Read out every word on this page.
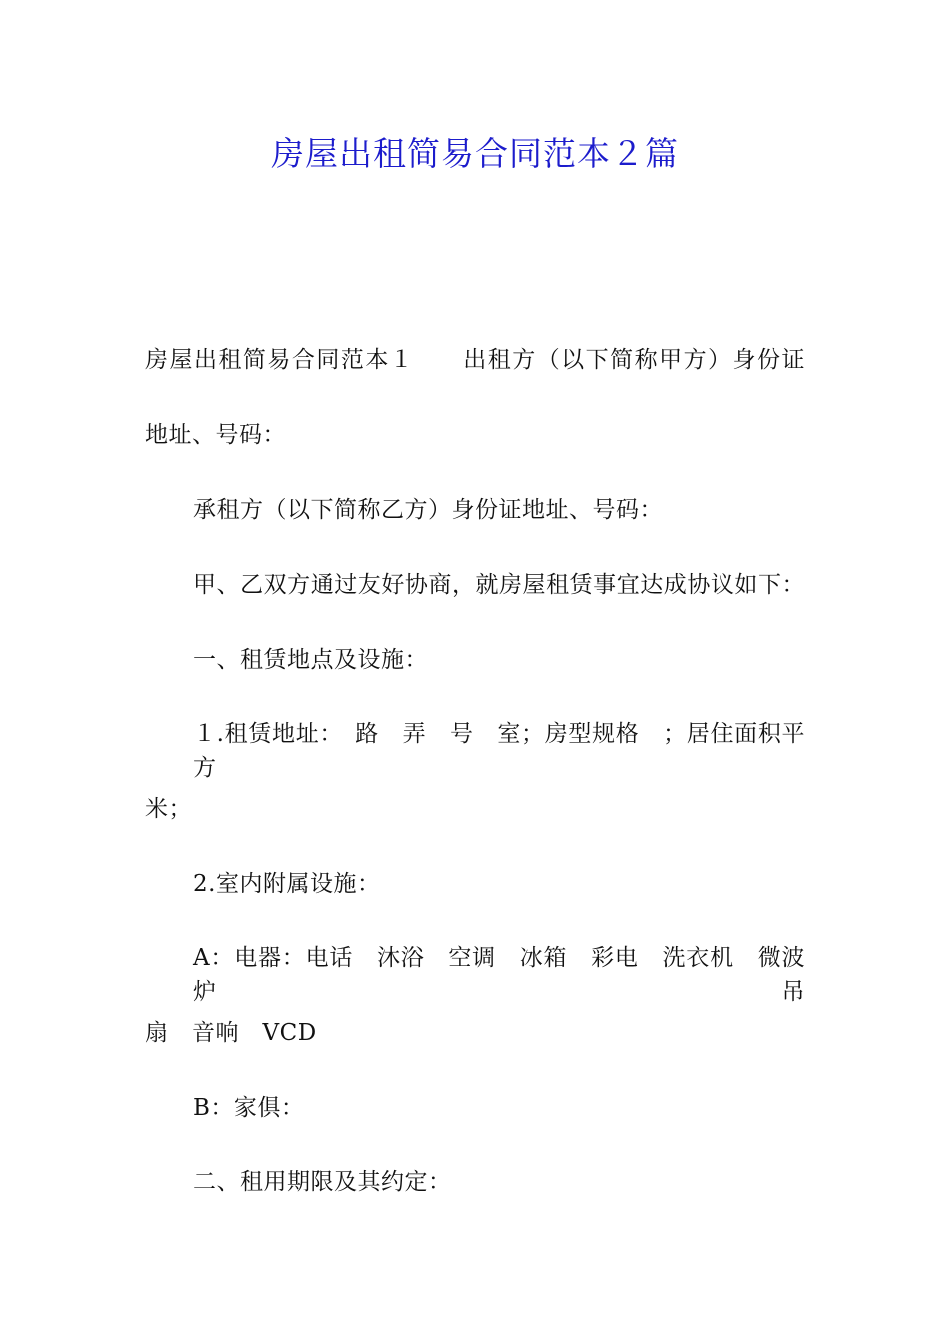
房屋出租简易合同范本２篇
房屋出租简易合同范本１　　出租方（以下简称甲方）身份证
地址、号码：
承租方（以下简称乙方）身份证地址、号码：
甲、乙双方通过友好协商，就房屋租赁事宜达成协议如下：
一、租赁地点及设施：
１.租赁地址：　路　弄　号　室；房型规格　；居住面积平方
米；
2.室内附属设施：
A：电器：电话　沐浴　空调　冰箱　彩电　洗衣机　微波炉　吊
扇　音响　VCD
B：家俱：
二、租用期限及其约定：
